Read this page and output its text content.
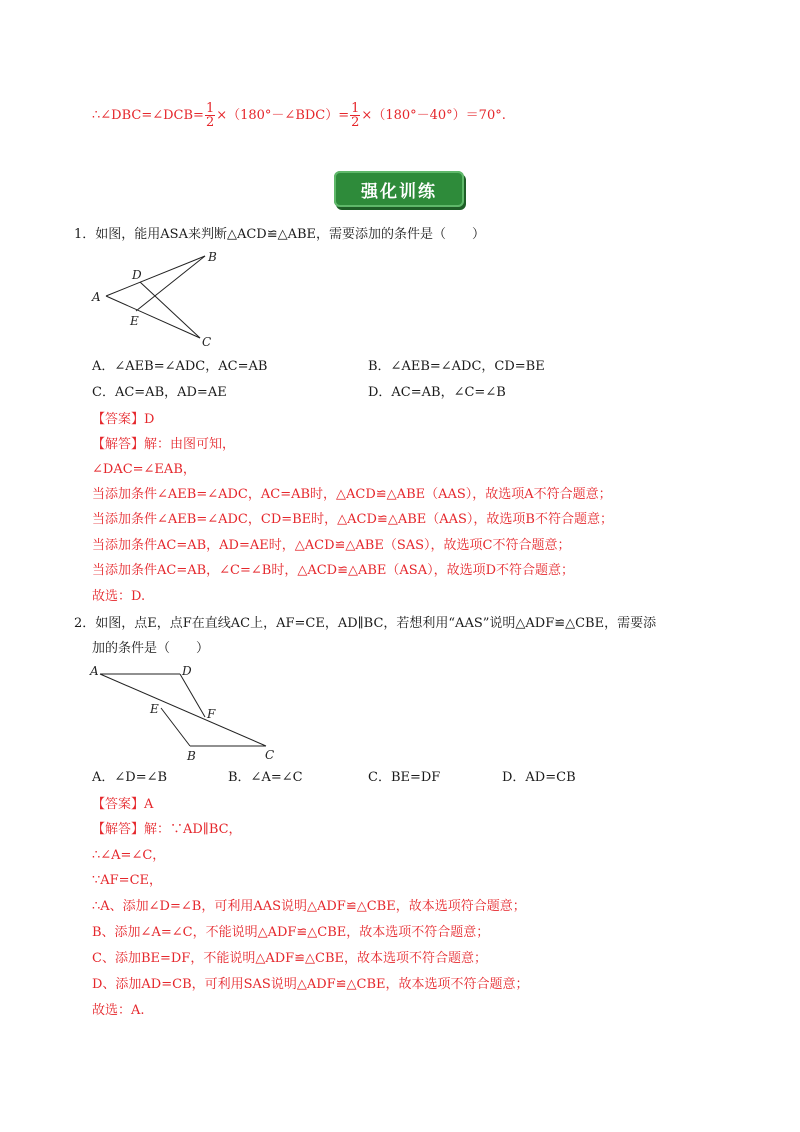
∴∠DBC=∠DCB= $\frac{1}{2}$ ×（180°－∠BDC）= $\frac{1}{2} \times(180^\circ-40^\circ)=70^\circ$.
强化训练
1．如图，能用ASA来判断△ACD≌△ABE，需要添加的条件是（　　）
A
B
C
D
E
A．∠AEB=∠ADC，AC=AB	B．∠AEB=∠ADC，CD=BE
C．AC=AB，AD=AE	D．AC=AB，∠C=∠B
【答案】D
【解答】解：由图可知，
∠DAC=∠EAB，
当添加条件∠AEB=∠ADC，AC=AB时，△ACD≌△ABE（AAS），故选项A不符合题意；
当添加条件∠AEB=∠ADC，CD=BE时，△ACD≌△ABE（AAS），故选项B不符合题意；
当添加条件AC=AB，AD=AE时，△ACD≌△ABE（SAS），故选项C不符合题意；
当添加条件AC=AB，∠C=∠B时，△ACD≌△ABE（ASA），故选项D不符合题意；
故选：D.
2．如图，点E，点F在直线AC上，AF=CE，AD∥BC，若想利用“AAS”说明△ADF≌△CBE，需要添
加的条件是（　　）
A	D
E	F
B	C
A．∠D=∠B	B．∠A=∠C	C．BE=DF	D．AD=CB
【答案】A
【解答】解：∵AD∥BC，
∴∠A=∠C，
∵AF=CE，
∴A、添加∠D=∠B，可利用AAS说明△ADF≌△CBE，故本选项符合题意；
B、添加∠A=∠C，不能说明△ADF≌△CBE，故本选项不符合题意；
C、添加BE=DF，不能说明△ADF≌△CBE，故本选项不符合题意；
D、添加AD=CB，可利用SAS说明△ADF≌△CBE，故本选项不符合题意；
故选：A.
